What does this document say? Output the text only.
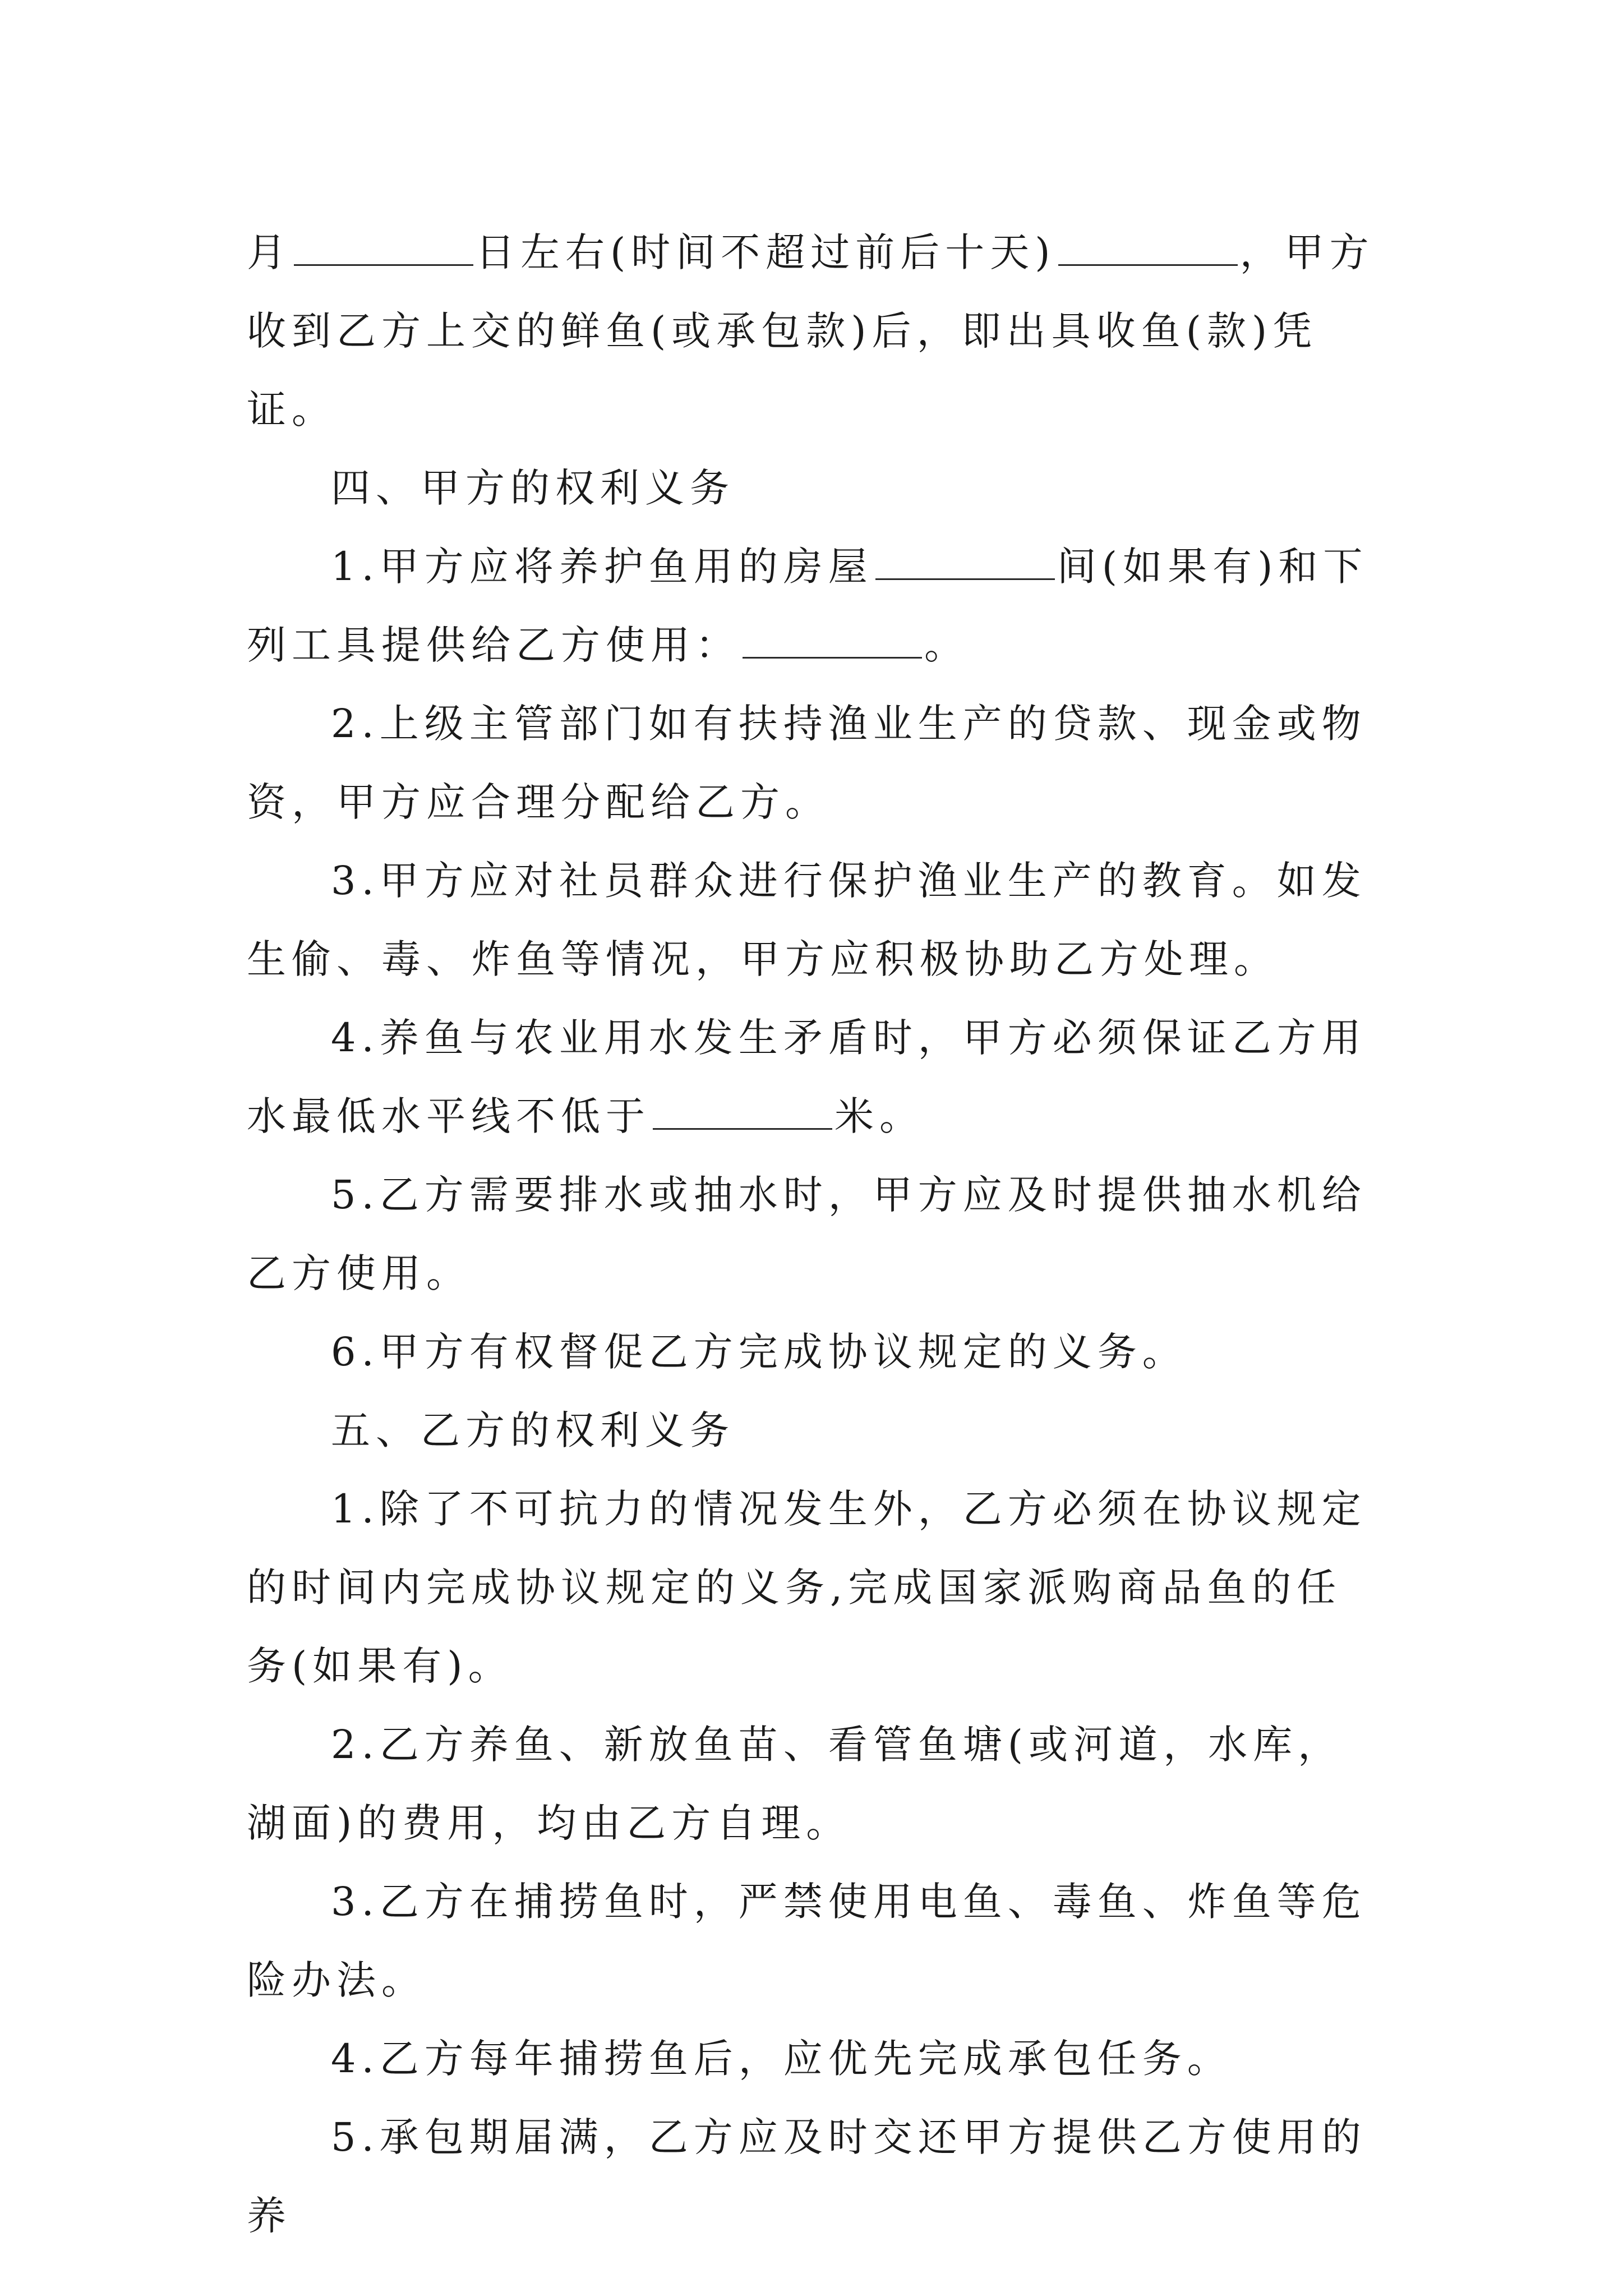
月	日左右(时间不超过前后十天)	，甲方收到乙方上交的鲜鱼(或承包款)后，即出具收鱼(款)凭证。

四、甲方的权利义务

1.甲方应将养护鱼用的房屋	间(如果有)和下列工具提供给乙方使用：	。

2.上级主管部门如有扶持渔业生产的贷款、现金或物资，甲方应合理分配给乙方。

3.甲方应对社员群众进行保护渔业生产的教育。如发生偷、毒、炸鱼等情况，甲方应积极协助乙方处理。

4.养鱼与农业用水发生矛盾时，甲方必须保证乙方用水最低水平线不低于	米。

5.乙方需要排水或抽水时，甲方应及时提供抽水机给乙方使用。

6.甲方有权督促乙方完成协议规定的义务。

五、乙方的权利义务

1.除了不可抗力的情况发生外，乙方必须在协议规定的时间内完成协议规定的义务,完成国家派购商品鱼的任务(如果有)。

2.乙方养鱼、新放鱼苗、看管鱼塘(或河道，水库，湖面)的费用，均由乙方自理。

3.乙方在捕捞鱼时，严禁使用电鱼、毒鱼、炸鱼等危险办法。

4.乙方每年捕捞鱼后，应优先完成承包任务。

5.承包期届满，乙方应及时交还甲方提供乙方使用的养
